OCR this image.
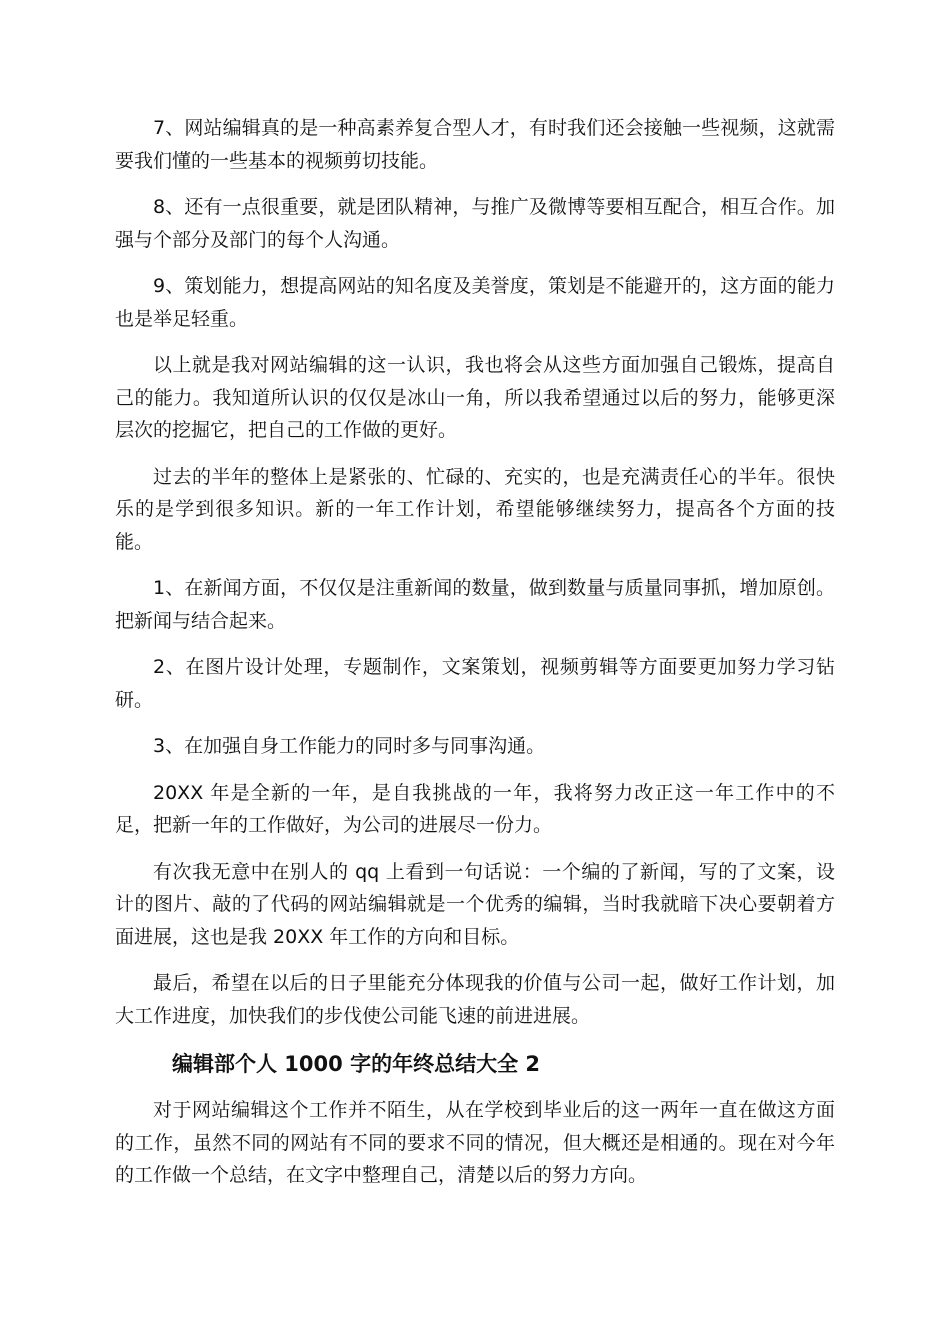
7、网站编辑真的是一种高素养复合型人才，有时我们还会接触一些视频，这就需要我们懂的一些基本的视频剪切技能。

8、还有一点很重要，就是团队精神，与推广及微博等要相互配合，相互合作。加强与个部分及部门的每个人沟通。

9、策划能力，想提高网站的知名度及美誉度，策划是不能避开的，这方面的能力也是举足轻重。

以上就是我对网站编辑的这一认识，我也将会从这些方面加强自己锻炼，提高自己的能力。我知道所认识的仅仅是冰山一角，所以我希望通过以后的努力，能够更深层次的挖掘它，把自己的工作做的更好。

过去的半年的整体上是紧张的、忙碌的、充实的，也是充满责任心的半年。很快乐的是学到很多知识。新的一年工作计划，希望能够继续努力，提高各个方面的技能。

1、在新闻方面，不仅仅是注重新闻的数量，做到数量与质量同事抓，增加原创。把新闻与结合起来。

2、在图片设计处理，专题制作，文案策划，视频剪辑等方面要更加努力学习钻研。

3、在加强自身工作能力的同时多与同事沟通。

20XX 年是全新的一年，是自我挑战的一年，我将努力改正这一年工作中的不足，把新一年的工作做好，为公司的进展尽一份力。

有次我无意中在别人的 qq 上看到一句话说：一个编的了新闻，写的了文案，设计的图片、敲的了代码的网站编辑就是一个优秀的编辑，当时我就暗下决心要朝着方面进展，这也是我 20XX 年工作的方向和目标。

最后，希望在以后的日子里能充分体现我的价值与公司一起，做好工作计划，加大工作进度，加快我们的步伐使公司能飞速的前进进展。

编辑部个人 1000 字的年终总结大全 2

对于网站编辑这个工作并不陌生，从在学校到毕业后的这一两年一直在做这方面的工作，虽然不同的网站有不同的要求不同的情况，但大概还是相通的。现在对今年的工作做一个总结，在文字中整理自己，清楚以后的努力方向。
